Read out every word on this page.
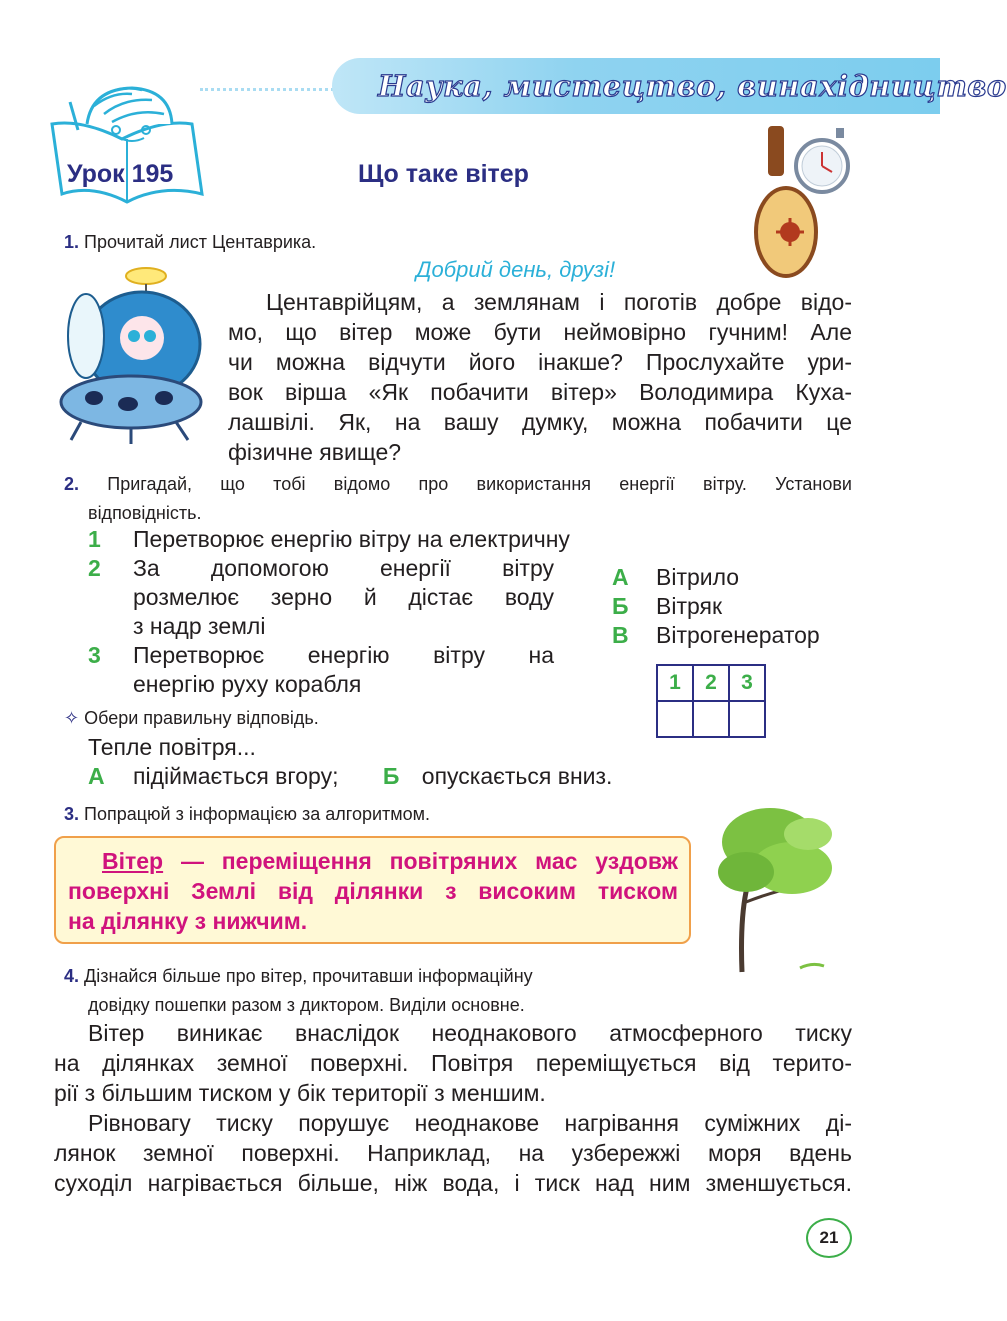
Наука, мистецтво, винахідництво
Урок 195	Що таке вітер
1. Прочитай лист Центаврика.
Добрий день, друзі!
Центаврійцям, а землянам і поготів добре відо-
мо, що вітер може бути неймовірно гучним! Але
чи можна відчути його інакше? Прослухайте ури-
вок вірша «Як побачити вітер» Володимира Куха-
лашвілі. Як, на вашу думку, можна побачити це
фізичне явище?
2. Пригадай, що тобі відомо про використання енергії вітру. Установи
відповідність.
1 Перетворює енергію вітру на електричну
2 За допомогою енергії вітру
розмелює зерно й дістає воду
з надр землі
3 Перетворює енергію вітру на
енергію руху корабля
А Вітрило
Б Вітряк
В Вітрогенератор
1	2	3

✧ Обери правильну відповідь.
Тепле повітря...
А підіймається вгору; Б опускається вниз.
3. Попрацюй з інформацією за алгоритмом.
Вітер — переміщення повітряних мас уздовж
поверхні Землі від ділянки з високим тиском
на ділянку з нижчим.
4. Дізнайся більше про вітер, прочитавши інформаційну
довідку пошепки разом з диктором. Виділи основне.
Вітер виникає внаслідок неоднакового атмосферного тиску
на ділянках земної поверхні. Повітря переміщується від терито-
рії з більшим тиском у бік території з меншим.
Рівновагу тиску порушує неоднакове нагрівання суміжних ді-
лянок земної поверхні. Наприклад, на узбережжі моря вдень
суходіл нагрівається більше, ніж вода, і тиск над ним зменшується.
21
